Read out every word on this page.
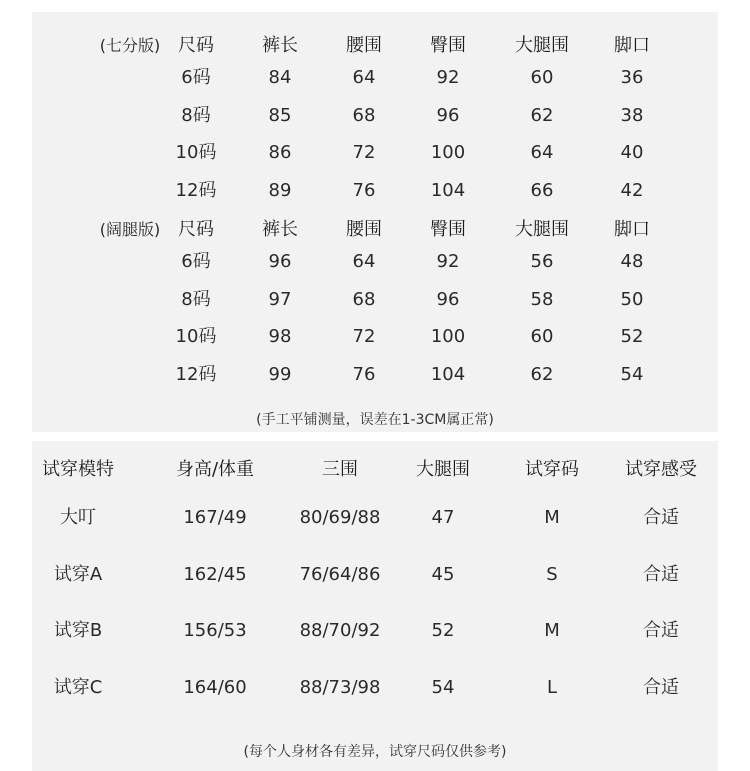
(七分版) 尺码	裤长	腰围	臀围	大腿围	脚口
6码	84	64	92	60	36
8码	85	68	96	62	38
10码	86	72	100	64	40
12码	89	76	104	66	42
(阔腿版) 尺码	裤长	腰围	臀围	大腿围	脚口
6码	96	64	92	56	48
8码	97	68	96	58	50
10码	98	72	100	60	52
12码	99	76	104	62	54
试穿模特	身高/体重	三围	大腿围	试穿码	试穿感受
大叮	167/49	80/69/88	47	M	合适
试穿A	162/45	76/64/86	45	S	合适
试穿B	156/53	88/70/92	52	M	合适
试穿C	164/60	88/73/98	54	L	合适
(手工平铺测量，误差在1-3CM属正常)
(每个人身材各有差异，试穿尺码仅供参考)
